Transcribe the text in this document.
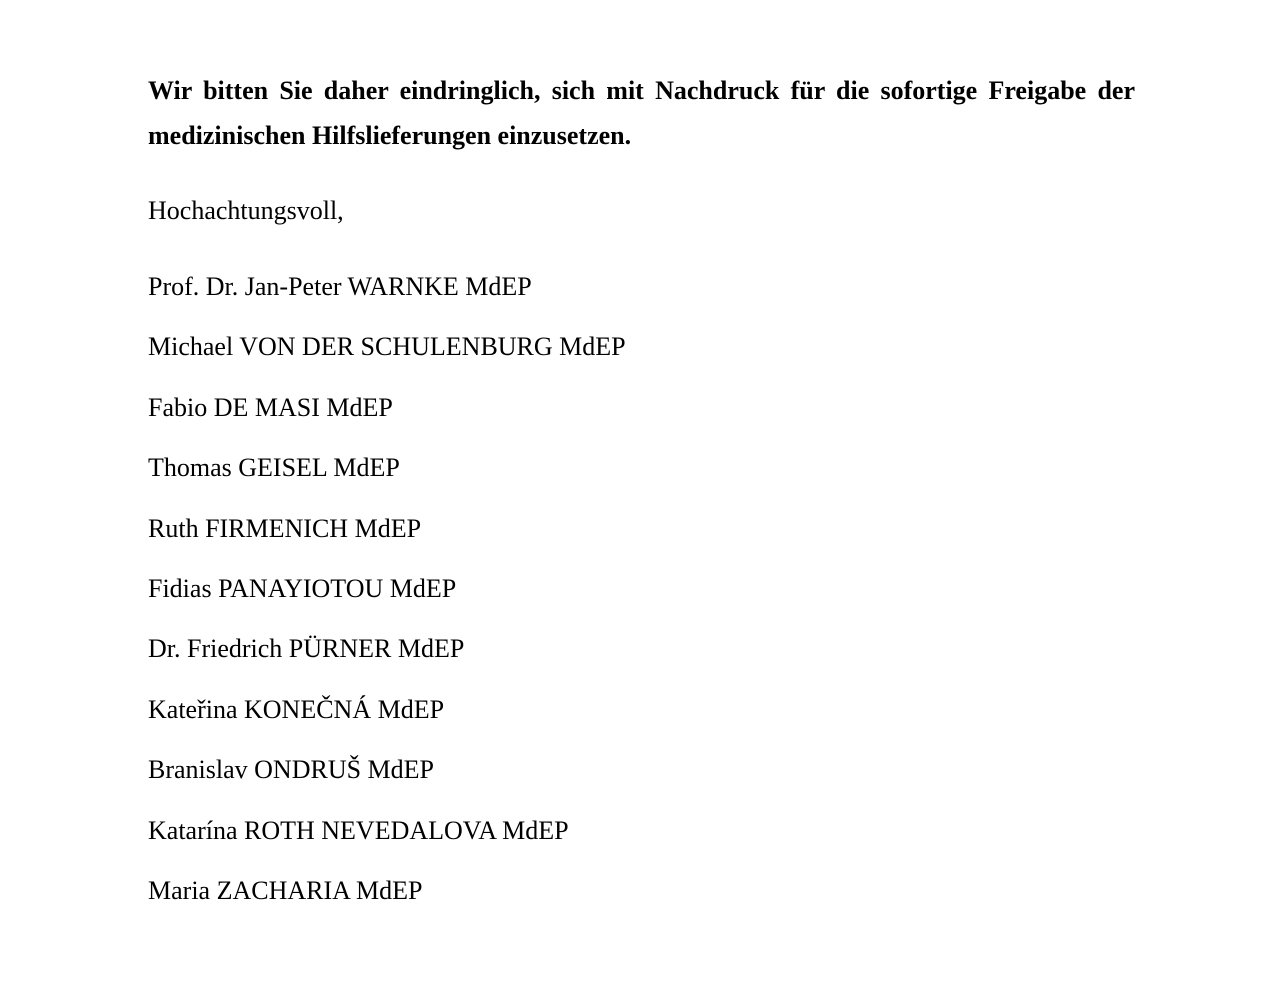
Wir bitten Sie daher eindringlich, sich mit Nachdruck für die sofortige Freigabe der medizinischen Hilfslieferungen einzusetzen.

Hochachtungsvoll,

Prof. Dr. Jan-Peter WARNKE MdEP
Michael VON DER SCHULENBURG MdEP
Fabio DE MASI MdEP
Thomas GEISEL MdEP
Ruth FIRMENICH MdEP
Fidias PANAYIOTOU MdEP
Dr. Friedrich PÜRNER MdEP
Kateřina KONEČNÁ MdEP
Branislav ONDRUŠ MdEP
Katarína ROTH NEVEDALOVA MdEP
Maria ZACHARIA MdEP
